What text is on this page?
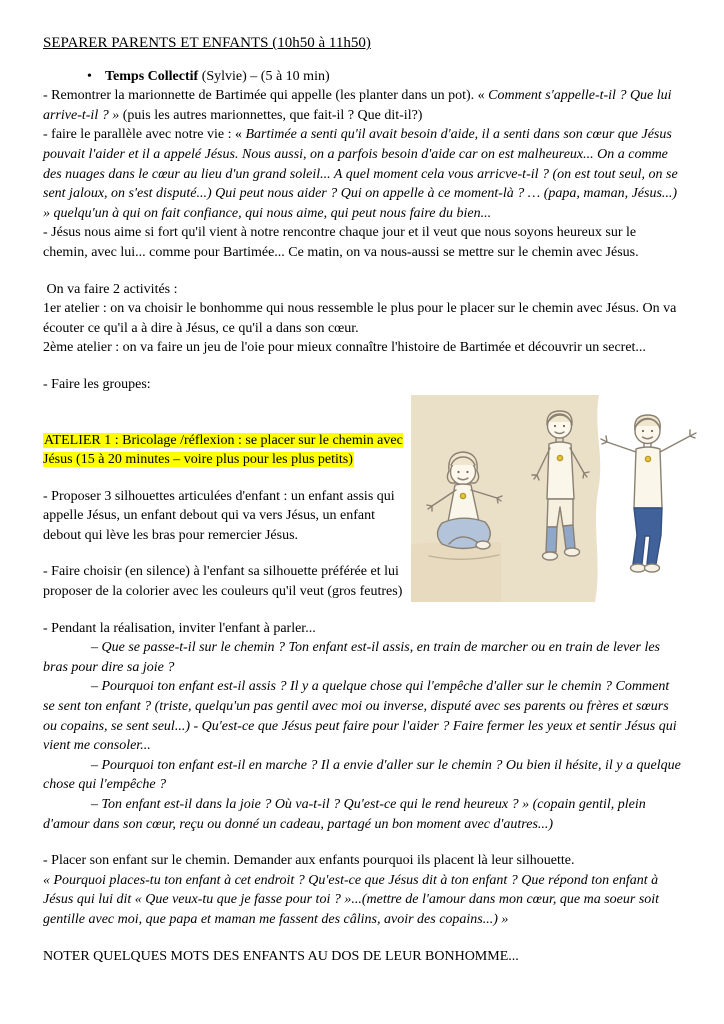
SEPARER PARENTS ET ENFANTS (10h50 à 11h50)

• Temps Collectif (Sylvie) – (5 à 10 min)

- Remontrer la marionnette de Bartimée qui appelle (les planter dans un pot). « Comment s'appelle-t-il ? Que lui arrive-t-il ? » (puis les autres marionnettes, que fait-il ? Que dit-il?)

- faire le parallèle avec notre vie : « Bartimée a senti qu'il avait besoin d'aide, il a senti dans son cœur que Jésus pouvait l'aider et il a appelé Jésus. Nous aussi, on a parfois besoin d'aide car on est malheureux... On a comme des nuages dans le cœur au lieu d'un grand soleil... A quel moment cela vous arricve-t-il ? (on est tout seul, on se sent jaloux, on s'est disputé...) Qui peut nous aider ? Qui on appelle à ce moment-là ? … (papa, maman, Jésus...) » quelqu'un à qui on fait confiance, qui nous aime, qui peut nous faire du bien...

- Jésus nous aime si fort qu'il vient à notre rencontre chaque jour et il veut que nous soyons heureux sur le chemin, avec lui... comme pour Bartimée... Ce matin, on va nous-aussi se mettre sur le chemin avec Jésus.

On va faire 2 activités :

1er atelier : on va choisir le bonhomme qui nous ressemble le plus pour le placer sur le chemin avec Jésus. On va écouter ce qu'il a à dire à Jésus, ce qu'il a dans son cœur.

2ème atelier : on va faire un jeu de l'oie pour mieux connaître l'histoire de Bartimée et découvrir un secret...

- Faire les groupes:

ATELIER 1 : Bricolage /réflexion : se placer sur le chemin avec Jésus (15 à 20 minutes – voire plus pour les plus petits)

- Proposer 3 silhouettes articulées d'enfant : un enfant assis qui appelle Jésus, un enfant debout qui va vers Jésus, un enfant debout qui lève les bras pour remercier Jésus.

- Faire choisir (en silence) à l'enfant sa silhouette préférée et lui proposer de la colorier avec les couleurs qu'il veut (gros feutres)

- Pendant la réalisation, inviter l'enfant à parler...

– Que se passe-t-il sur le chemin ? Ton enfant est-il assis, en train de marcher ou en train de lever les bras pour dire sa joie ?

– Pourquoi ton enfant est-il assis ? Il y a quelque chose qui l'empêche d'aller sur le chemin ? Comment se sent ton enfant ? (triste, quelqu'un pas gentil avec moi ou inverse, disputé avec ses parents ou frères et sœurs ou copains, se sent seul...) - Qu'est-ce que Jésus peut faire pour l'aider ? Faire fermer les yeux et sentir Jésus qui vient me consoler...

– Pourquoi ton enfant est-il en marche ? Il a envie d'aller sur le chemin ? Ou bien il hésite, il y a quelque chose qui l'empêche ?

– Ton enfant est-il dans la joie ? Où va-t-il ? Qu'est-ce qui le rend heureux ? » (copain gentil, plein d'amour dans son cœur, reçu ou donné un cadeau, partagé un bon moment avec d'autres...)

- Placer son enfant sur le chemin. Demander aux enfants pourquoi ils placent là leur silhouette.

« Pourquoi places-tu ton enfant à cet endroit ? Qu'est-ce que Jésus dit à ton enfant ? Que répond ton enfant à Jésus qui lui dit « Que veux-tu que je fasse pour toi ? »...(mettre de l'amour dans mon cœur, que ma soeur soit gentille avec moi, que papa et maman me fassent des câlins, avoir des copains...) »

NOTER QUELQUES MOTS DES ENFANTS AU DOS DE LEUR BONHOMME...
